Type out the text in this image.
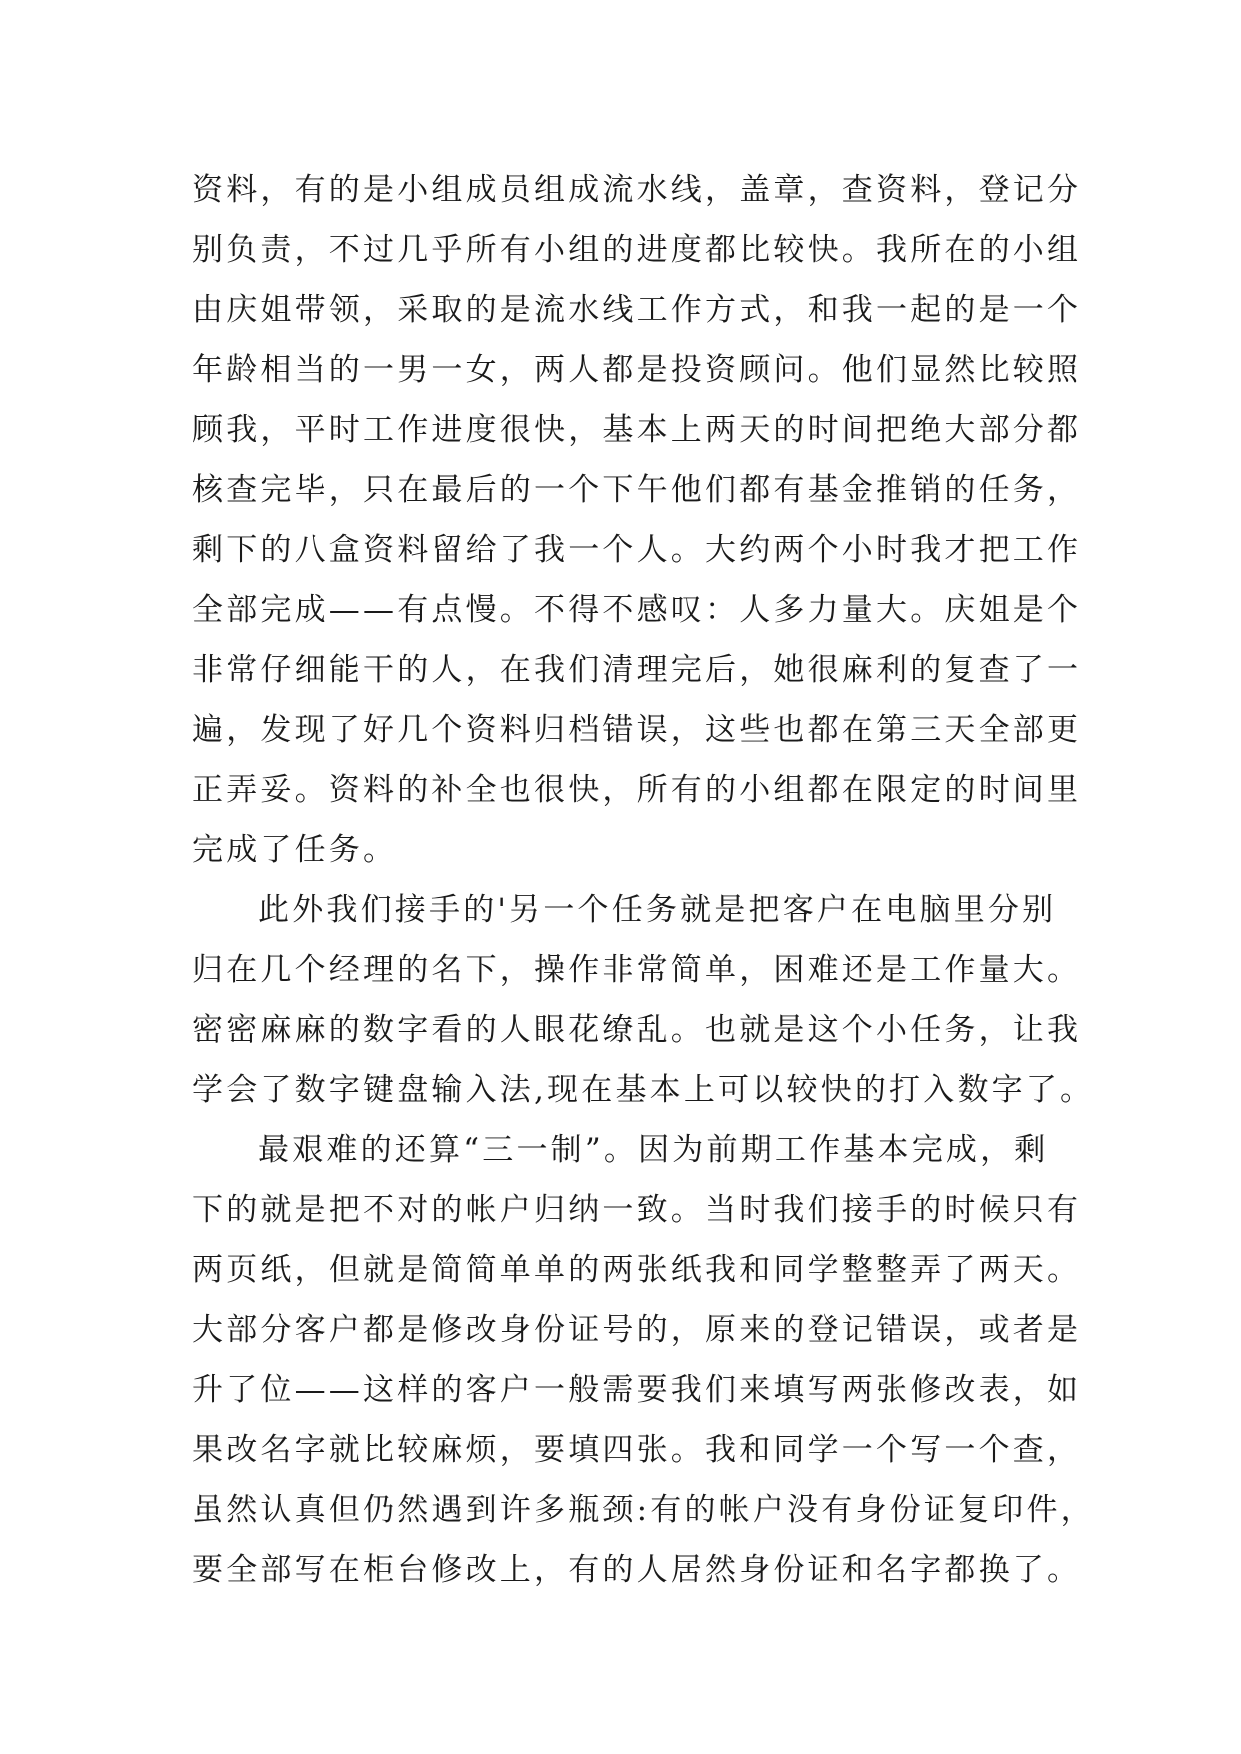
资料，有的是小组成员组成流水线，盖章，查资料，登记分
别负责，不过几乎所有小组的进度都比较快。我所在的小组
由庆姐带领，采取的是流水线工作方式，和我一起的是一个
年龄相当的一男一女，两人都是投资顾问。他们显然比较照
顾我，平时工作进度很快，基本上两天的时间把绝大部分都
核查完毕，只在最后的一个下午他们都有基金推销的任务，
剩下的八盒资料留给了我一个人。大约两个小时我才把工作
全部完成——有点慢。不得不感叹：人多力量大。庆姐是个
非常仔细能干的人，在我们清理完后，她很麻利的复查了一
遍，发现了好几个资料归档错误，这些也都在第三天全部更
正弄妥。资料的补全也很快，所有的小组都在限定的时间里
完成了任务。
此外我们接手的'另一个任务就是把客户在电脑里分别
归在几个经理的名下，操作非常简单，困难还是工作量大。
密密麻麻的数字看的人眼花缭乱。也就是这个小任务，让我
学会了数字键盘输入法,现在基本上可以较快的打入数字了。
最艰难的还算“三一制”。因为前期工作基本完成，剩
下的就是把不对的帐户归纳一致。当时我们接手的时候只有
两页纸，但就是简简单单的两张纸我和同学整整弄了两天。
大部分客户都是修改身份证号的，原来的登记错误，或者是
升了位——这样的客户一般需要我们来填写两张修改表，如
果改名字就比较麻烦，要填四张。我和同学一个写一个查，
虽然认真但仍然遇到许多瓶颈:有的帐户没有身份证复印件，
要全部写在柜台修改上，有的人居然身份证和名字都换了。
